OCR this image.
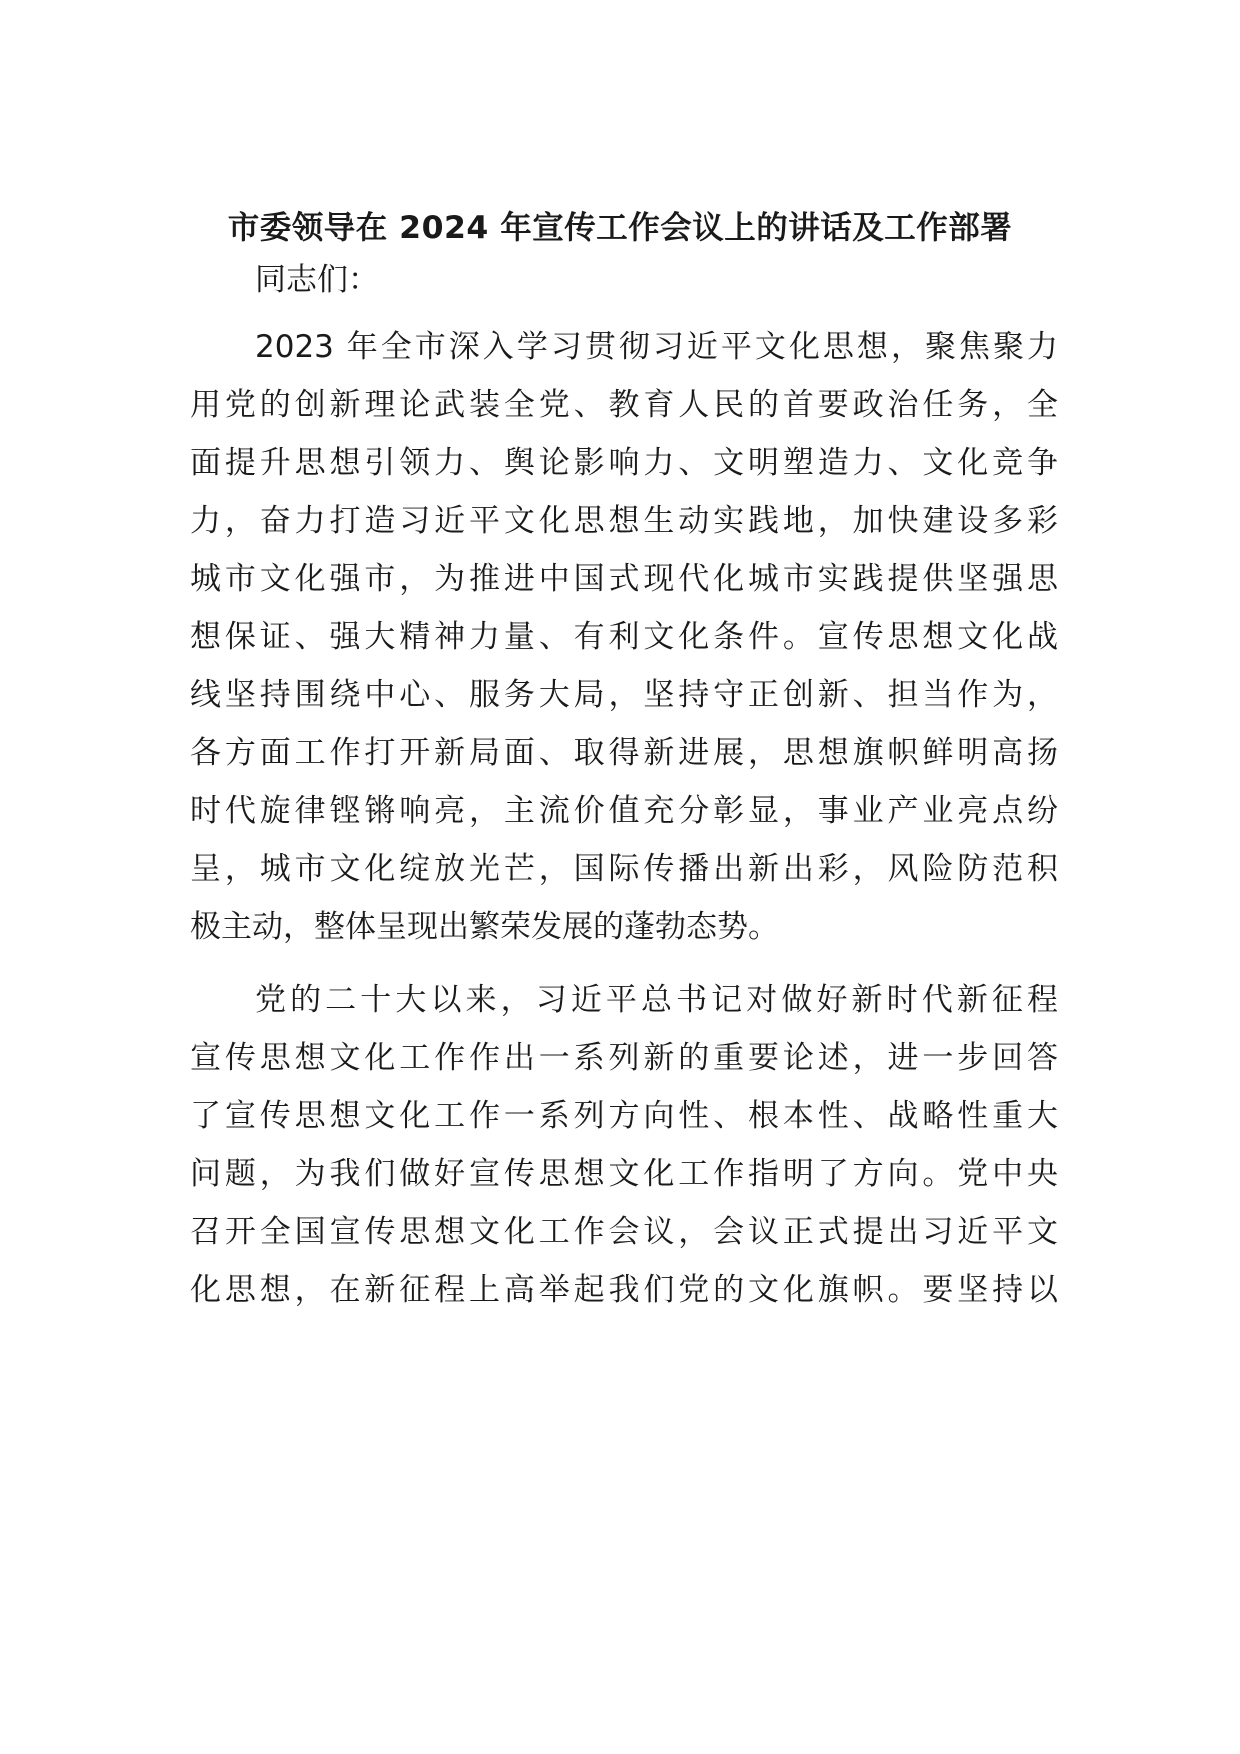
市委领导在 2024 年宣传工作会议上的讲话及工作部署
同志们：
2023 年全市深入学习贯彻习近平文化思想，聚焦聚力
用党的创新理论武装全党、教育人民的首要政治任务，全
面提升思想引领力、舆论影响力、文明塑造力、文化竞争
力，奋力打造习近平文化思想生动实践地，加快建设多彩
城市文化强市，为推进中国式现代化城市实践提供坚强思
想保证、强大精神力量、有利文化条件。宣传思想文化战
线坚持围绕中心、服务大局，坚持守正创新、担当作为，
各方面工作打开新局面、取得新进展，思想旗帜鲜明高扬
时代旋律铿锵响亮，主流价值充分彰显，事业产业亮点纷
呈，城市文化绽放光芒，国际传播出新出彩，风险防范积
极主动，整体呈现出繁荣发展的蓬勃态势。
党的二十大以来，习近平总书记对做好新时代新征程
宣传思想文化工作作出一系列新的重要论述，进一步回答
了宣传思想文化工作一系列方向性、根本性、战略性重大
问题，为我们做好宣传思想文化工作指明了方向。党中央
召开全国宣传思想文化工作会议，会议正式提出习近平文
化思想，在新征程上高举起我们党的文化旗帜。要坚持以
